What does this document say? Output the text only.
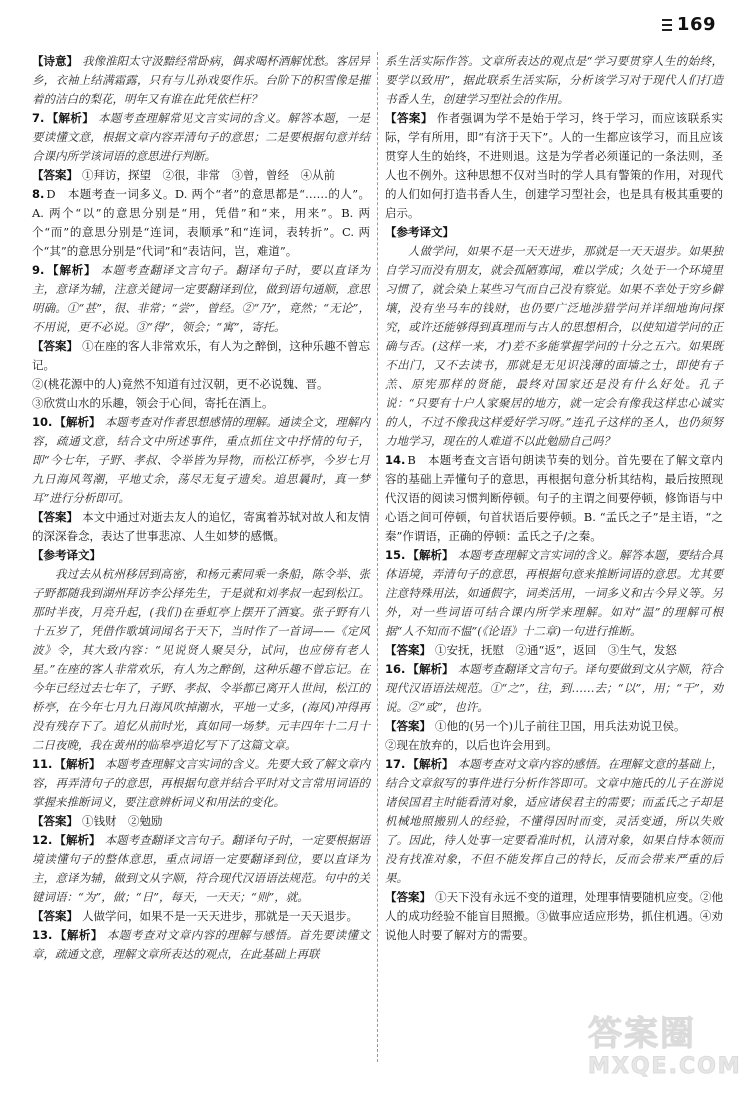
169
【诗意】 我像淮阳太守汲黯经常卧病，偶求喝杯酒解忧愁。客居异乡，衣袖上结满霜露，只有与儿孙戏耍作乐。台阶下的积雪像是摧着的洁白的梨花，明年又有谁在此凭依栏杆？
7. 【解析】 本题考查理解常见文言实词的含义。解答本题，一是要读懂文意，根据文章内容弄清句子的意思；二是要根据句意并结合课内所学该词语的意思进行判断。
【答案】 ①拜访，探望　②很，非常　③曾，曾经　④从前
8. D　本题考查一词多义。D. 两个“者”的意思都是“……的人”。A. 两个“以”的意思分别是“用，凭借”和“来，用来”。B. 两个“而”的意思分别是“连词，表顺承”和“连词，表转折”。C. 两个“其”的意思分别是“代词”和“表诘问，岂，难道”。
9. 【解析】 本题考查翻译文言句子。翻译句子时，要以直译为主，意译为辅，注意关键词一定要翻译到位，做到语句通顺，意思明确。①“甚”，很、非常；“尝”，曾经。②“乃”，竟然；“无论”，不用说，更不必说。③“得”，领会；“寓”，寄托。
【答案】 ①在座的客人非常欢乐，有人为之醉倒，这种乐趣不曾忘记。
②(桃花源中的人)竟然不知道有过汉朝，更不必说魏、晋。
③欣赏山水的乐趣，领会于心间，寄托在酒上。
10. 【解析】 本题考查对作者思想感情的理解。通读全文，理解内容，疏通文意，结合文中所述事件，重点抓住文中抒情的句子，即“今七年，子野、孝叔、令举皆为异物，而松江桥亭，今岁七月九日海风驾潮，平地丈余，荡尽无复孑遗矣。追思曩时，真一梦耳”进行分析即可。
【答案】 本文中通过对逝去友人的追忆，寄寓着苏轼对故人和友情的深深眷念，表达了世事悲凉、人生如梦的感慨。
【参考译文】
我过去从杭州移居到高密，和杨元素同乘一条船，陈令举、张子野都随我到湖州拜访李公择先生，于是就和刘孝叔一起到松江。那时半夜，月亮升起，(我们)在垂虹亭上摆开了酒宴。张子野有八十五岁了，凭借作歌填词闻名于天下，当时作了一首词——《定风波》令，其大致内容：“见说贤人聚吴分，试问，也应傍有老人星。”在座的客人非常欢乐，有人为之醉倒，这种乐趣不曾忘记。在今年已经过去七年了，子野、孝叔、令举都已离开人世间，松江的桥亭，在今年七月九日海风吹掉潮水，平地一丈多，(海风)冲得再没有残存下了。追忆从前时光，真如同一场梦。元丰四年十二月十二日夜晚，我在黄州的临皋亭追忆写下了这篇文章。
11. 【解析】 本题考查理解文言实词的含义。先要大致了解文章内容，再弄清句子的意思，再根据句意并结合平时对文言常用词语的掌握来推断词义，要注意辨析词义和用法的变化。
【答案】 ①钱财　②勉励
12. 【解析】 本题考查翻译文言句子。翻译句子时，一定要根据语境读懂句子的整体意思，重点词语一定要翻译到位，要以直译为主，意译为辅，做到文从字顺，符合现代汉语语法规范。句中的关键词语：“为”，做；“日”，每天，一天天；“则”，就。
【答案】 人做学问，如果不是一天天进步，那就是一天天退步。
13. 【解析】 本题考查对文章内容的理解与感悟。首先要读懂文章，疏通文意，理解文章所表达的观点，在此基础上再联
系生活实际作答。文章所表达的观点是“学习要贯穿人生的始终，要学以致用”，据此联系生活实际，分析该学习对于现代人们打造书香人生，创建学习型社会的作用。
【答案】 作者强调为学不是始于学习，终于学习，而应该联系实际，学有所用，即“有济于天下”。人的一生都应该学习，而且应该贯穿人生的始终，不进则退。这是为学者必须谨记的一条法则，圣人也不例外。这种思想不仅对当时的学人具有警策的作用，对现代的人们如何打造书香人生，创建学习型社会，也是具有极其重要的启示。
【参考译文】
人做学问，如果不是一天天进步，那就是一天天退步。如果独自学习而没有朋友，就会孤陋寡闻，难以学成；久处于一个环境里习惯了，就会染上某些习气而自己没有察觉。如果不幸处于穷乡僻壤，没有坐马车的钱财，也仍要广泛地涉猎学问并详细地询问探究，或许还能够得到真理而与古人的思想相合，以使知道学问的正确与否。(这样一来，才)差不多能掌握学问的十分之五六。如果既不出门，又不去读书，那就是无见识浅薄的面墙之士，即使有子羔、原宪那样的贤能，最终对国家还是没有什么好处。孔子说：“只要有十户人家聚居的地方，就一定会有像我这样忠心诚实的人，不过不像我这样爱好学习呀。”连孔子这样的圣人，也仍须努力地学习，现在的人难道不以此勉励自己吗？
14. B　本题考查文言语句朗读节奏的划分。首先要在了解文章内容的基础上弄懂句子的意思，再根据句意分析其结构，最后按照现代汉语的阅读习惯判断停顿。句子的主谓之间要停顿，修饰语与中心语之间可停顿，句首状语后要停顿。B. “孟氏之子”是主语，“之秦”作谓语，正确的停顿：孟氏之子/之秦。
15. 【解析】 本题考查理解文言实词的含义。解答本题，要结合具体语境，弄清句子的意思，再根据句意来推断词语的意思。尤其要注意特殊用法，如通假字，词类活用，一词多义和古今异义等。另外，对一些词语可结合课内所学来理解。如对“温”的理解可根据“人不知而不愠”(《论语》十二章)一句进行推断。
【答案】 ①安抚，抚慰　②通“返”，返回　③生气，发怒
16. 【解析】 本题考查翻译文言句子。译句要做到文从字顺，符合现代汉语语法规范。①“之”，往，到……去；“以”，用；“干”，劝说。②“或”，也许。
【答案】 ①他的(另一个)儿子前往卫国，用兵法劝说卫侯。
②现在放弃的，以后也许会用到。
17. 【解析】 本题考查对文章内容的感悟。在理解文意的基础上，结合文章叙写的事件进行分析作答即可。文章中施氏的儿子在游说诸侯国君主时能看清对象，适应诸侯君主的需要；而孟氏之子却是机械地照搬别人的经验，不懂得因时而变，灵活变通，所以失败了。因此，待人处事一定要看准时机，认清对象，如果自恃本领而没有找准对象，不但不能发挥自己的特长，反而会带来严重的后果。
【答案】 ①天下没有永远不变的道理，处理事情要随机应变。②他人的成功经验不能盲目照搬。③做事应适应形势，抓住机遇。④劝说他人时要了解对方的需要。
答案圈
MXQE.COM
